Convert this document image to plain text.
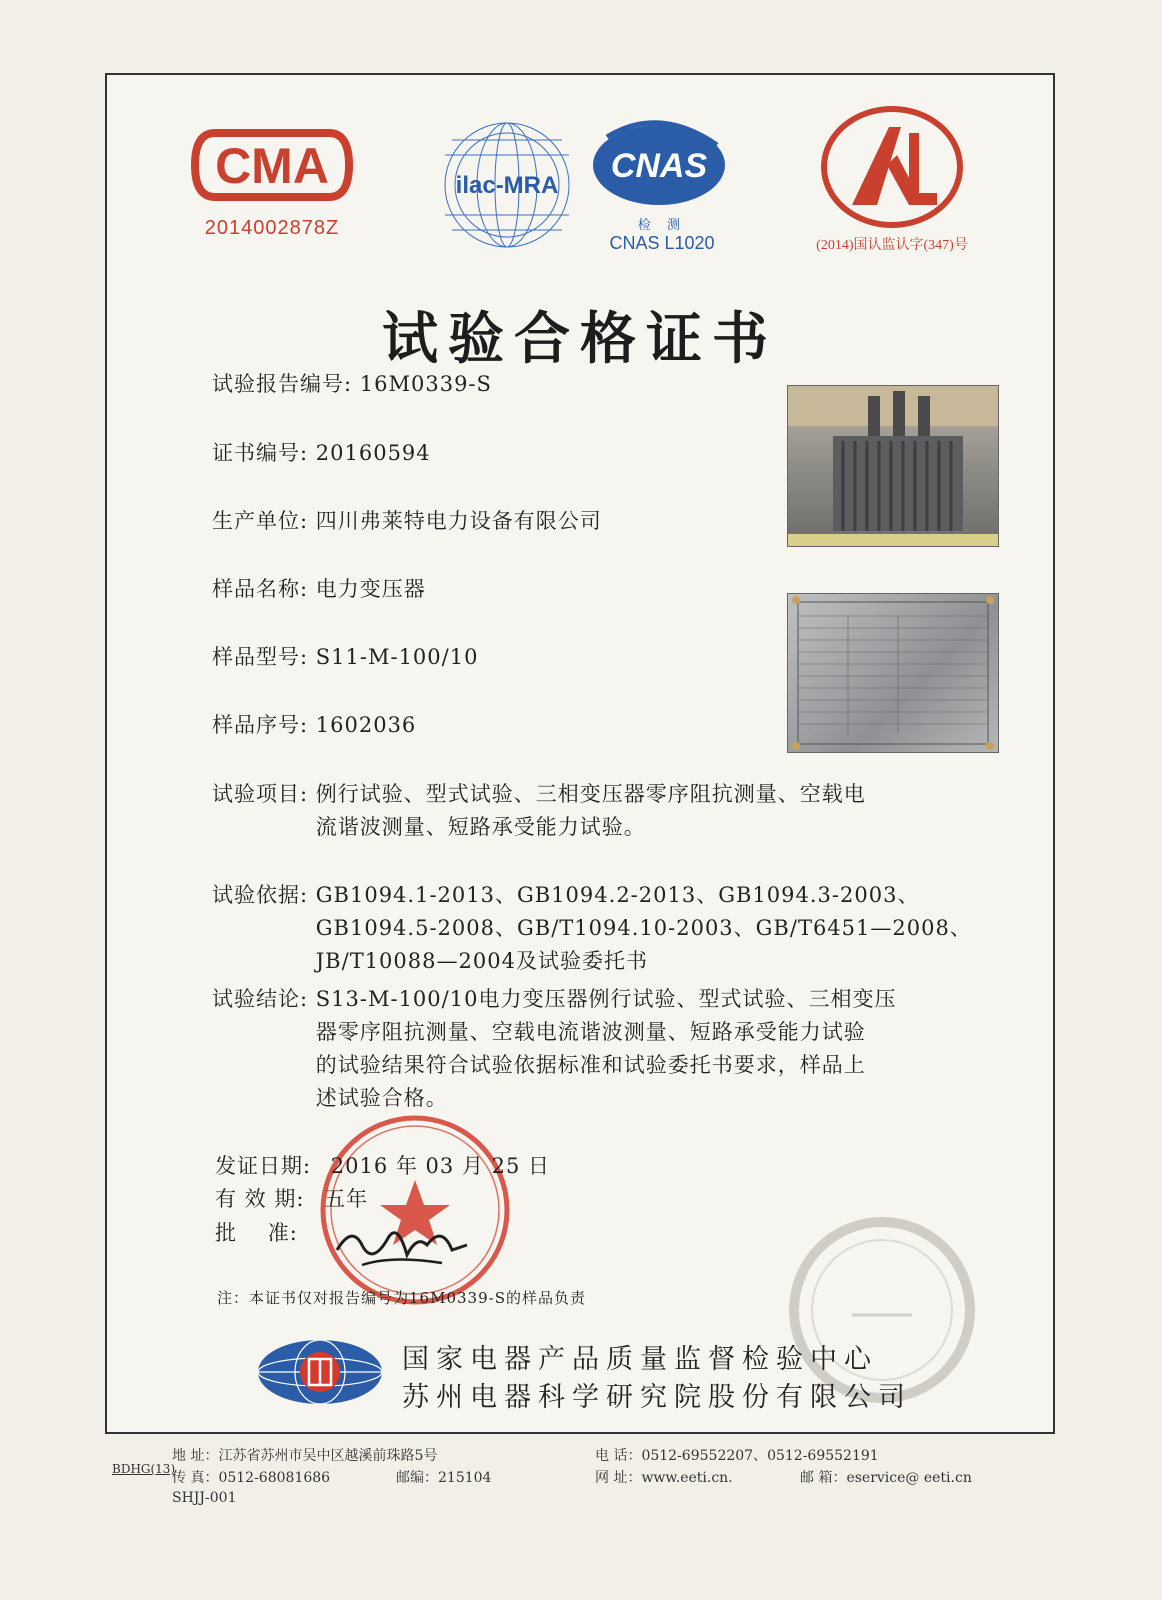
CMA
2014002878Z
ilac-MRA
CNAS
检 测
CNAS L1020	(2014)国认监认字(347)号
试验合格证书
试验报告编号: 16M0339-S
证书编号: 20160594
生产单位: 四川弗莱特电力设备有限公司
样品名称: 电力变压器
样品型号: S11-M-100/10
样品序号: 1602036
试验项目: 例行试验、型式试验、三相变压器零序阻抗测量、空载电
流谐波测量、短路承受能力试验。
试验依据: GB1094.1-2013、GB1094.2-2013、GB1094.3-2003、
GB1094.5-2008、GB/T1094.10-2003、GB/T6451—2008、
JB/T10088—2004及试验委托书
试验结论: S13-M-100/10电力变压器例行试验、型式试验、三相变压
器零序阻抗测量、空载电流谐波测量、短路承受能力试验
的试验结果符合试验依据标准和试验委托书要求，样品上
述试验合格。
发证日期: 2016 年 03 月 25 日
有 效 期: 五年
批    准:
注：本证书仅对报告编号为16M0339-S的样品负责
国家电器产品质量监督检验中心
苏州电器科学研究院股份有限公司
地 址：江苏省苏州市吴中区越溪前珠路5号	电 话：0512-69552207、0512-69552191
传 真：0512-68081686	邮编：215104	网 址：www.eeti.cn.	邮 箱：eservice@ eeti.cn
BDHG(13)
SHJJ-001
